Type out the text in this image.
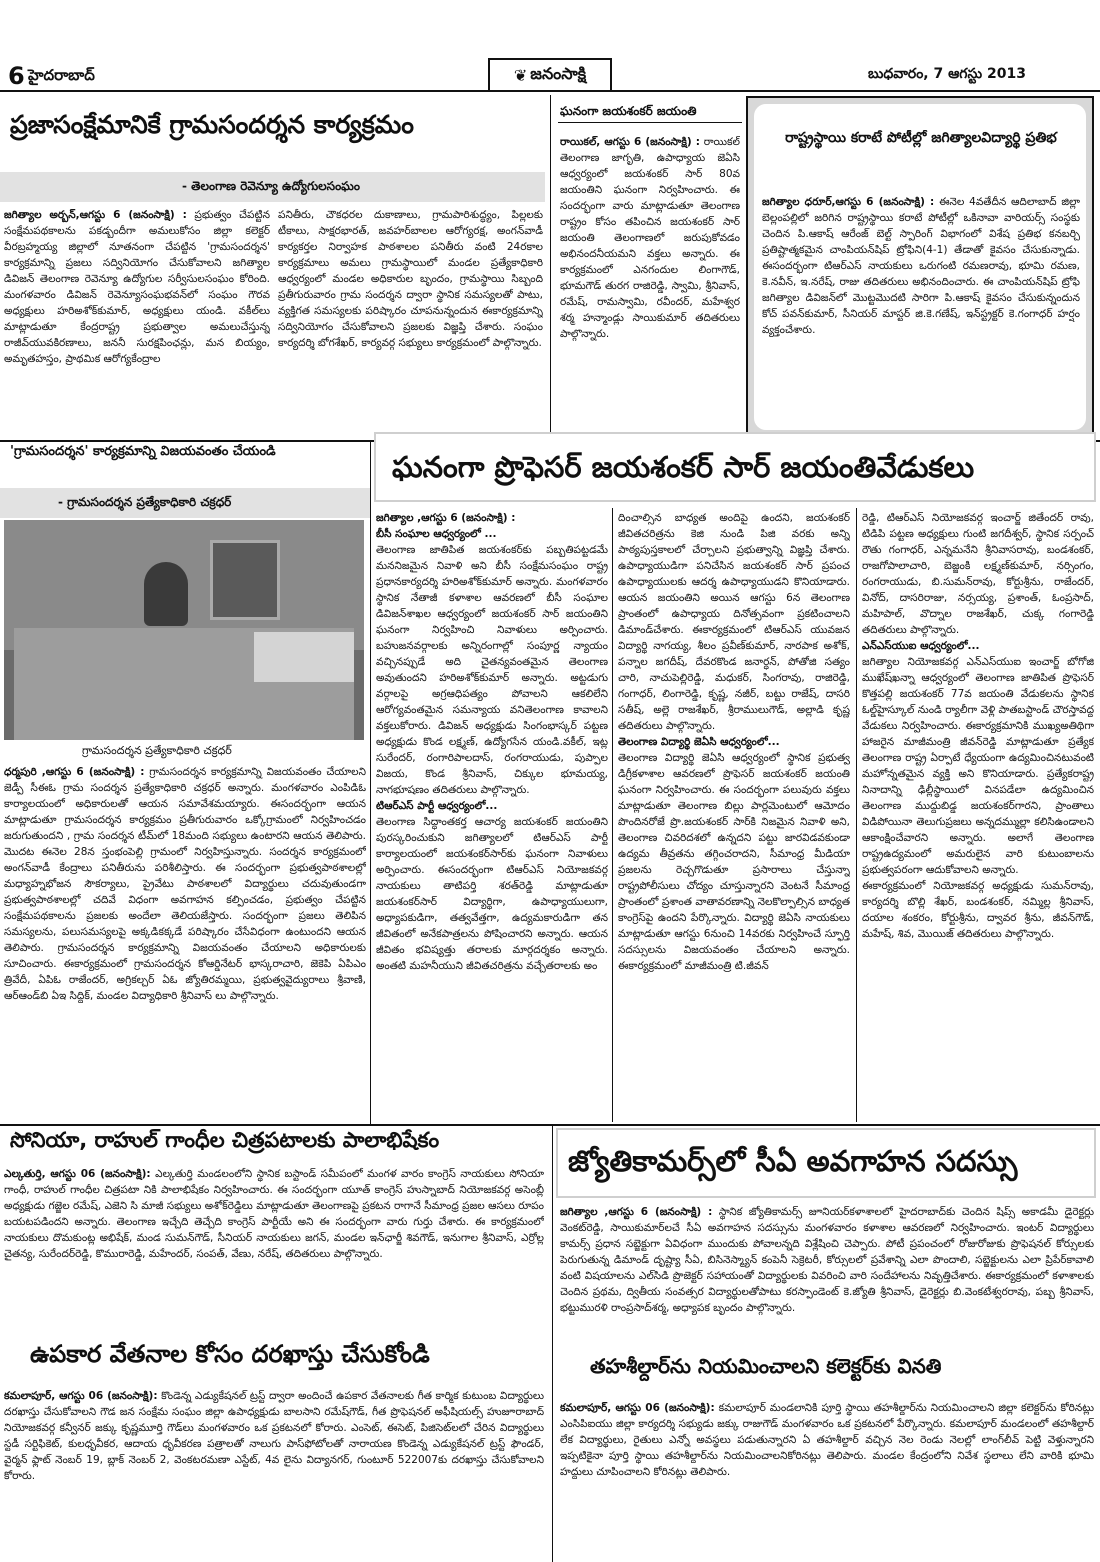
6 హైదరాబాద్	❦ జనంసాక్షి	బుధవారం, 7 ఆగస్టు 2013
ప్రజాసంక్షేమానికే గ్రామసందర్శన కార్యక్రమం
- తెలంగాణ రెవెన్యూ ఉద్యోగులసంఘం
జగిత్యాల అర్బన్,ఆగస్టు 6 (జనంసాక్షి) : ప్రభుత్వం చేపట్టిన సంక్షేమపథకాలను పకడ్బందీగా అమలుకోసం జిల్లా కలెక్టర్ వీరబ్రహ్మయ్య జిల్లాలో నూతనంగా చేపట్టిన 'గ్రామసందర్శన' కార్యక్రమాన్ని ప్రజలు సద్వినియోగం చేసుకోవాలని జగిత్యాల డివిజన్ తెలంగాణ రెవెన్యూ ఉద్యోగుల సర్వీసులసంఘం కోరింది. మంగళవారం డివిజన్ రెవెన్యూసంఘభవన్‌లో సంఘం గౌరవ అధ్యక్షులు హరిఅశోక్‌కుమార్, అధ్యక్షులు యండి. వకీల్‌లు మాట్లాడుతూ కేంద్రరాష్ట్ర ప్రభుత్వాల అమలుచేస్తున్న రాజీవ్‌యువకిరణాలు, జననీ సురక్షపింఛన్లు, మన బియ్యం, అమృతహస్తం, ప్రాథమిక ఆరోగ్యకేంద్రాల
పనితీరు, చౌకధరల దుకాణాలు, గ్రామపారిశుద్ధ్యం, పిల్లలకు టీకాలు, సాక్షరభారత్, జవహర్‌బాలల ఆరోగ్యరక్ష, అంగన్‌వాడీ కార్యకర్తల నిర్వాహక పాఠశాలల పనితీరు వంటి 24రకాల కార్యక్రమాలు అమలు గ్రామస్థాయిలో మండల ప్రత్యేకాధికారి ఆధ్వర్యంలో మండల అధికారుల బృందం, గ్రామస్థాయి సిబ్బంది ప్రతీగురువారం గ్రామ సందర్శన ద్వారా స్థానిక సమస్యలతో పాటు, వ్యక్తిగత సమస్యలకు పరిష్కారం చూపనున్నందున ఈకార్యక్రమాన్ని సద్వినియోగం చేసుకోవాలని ప్రజలకు విజ్ఞప్తి చేశారు. సంఘం కార్యదర్శి బోగశేఖర్, కార్యవర్గ సభ్యులు కార్యక్రమంలో పాల్గొన్నారు.
ఘనంగా జయశంకర్ జయంతి
రాయికల్, ఆగస్టు 6 (జనంసాక్షి) : రాయికల్ తెలంగాణ జాగృతి, ఉపాధ్యాయ జెఏసి ఆధ్వర్యంలో జయశంకర్ సార్ 80వ జయంతిని ఘనంగా నిర్వహించారు. ఈ సందర్భంగా వారు మాట్లాడుతూ తెలంగాణ రాష్ట్రం కోసం తపించిన జయశంకర్ సార్ జయంతి తెలంగాణలో జరుపుకోవడం అభినందనీయమని వక్తలు అన్నారు. ఈ కార్యక్రమంలో ఎనగందుల లింగాగౌడ్, భూమగౌడ్ తురగ రాజిరెడ్డి, స్వామి, శ్రీనివాస్, రమేష్, రామస్వామి, రవీందర్, మహేశ్వర శర్మ హన్మాండ్లు సాయికుమార్ తదితరులు పాల్గొన్నారు.
రాష్ట్రస్థాయి కరాటే పోటీల్లో జగిత్యాలవిద్యార్థి ప్రతిభ
జగిత్యాల ధరూర్,ఆగస్టు 6 (జనంసాక్షి) : ఈనెల 4వతేదీన ఆదిలాబాద్ జిల్లా బెల్లంపల్లిలో జరిగిన రాష్ట్రస్థాయి కరాటే పోటీల్లో ఒకినావా వారియర్స్ సంస్థకు చెందిన పి.ఆకాష్ ఆరేంజ్ బెల్ట్ స్పారింగ్ విభాగంలో విశేష ప్రతిభ కనబర్చి ప్రతిష్టాత్మకమైన చాంపియన్‌షిప్ ట్రోఫిని(4-1) తేడాతో కైవసం చేసుకున్నాడు. ఈసందర్భంగా టిఆర్‌ఎస్ నాయకులు ఒరుగంటి రమణరావు, భూమి రమణ, కె.నవీన్, ఇ.నరేష్, రాజు తదితరులు అభినందించారు. ఈ చాంపియన్‌షిప్ ట్రోఫి జగిత్యాల డివిజన్‌లో మొట్టమొదటి సారిగా పి.ఆకాష్ కైవసం చేసుకున్నందున కోచ్ పవన్‌కుమార్, సీనియర్ మాస్టర్ జి.కె.గణేష్, ఇన్‌స్ట్రక్టర్ కె.గంగాధర్ హర్షం వ్యక్తంచేశారు.
'గ్రామసందర్శన' కార్యక్రమాన్ని విజయవంతం చేయండి
- గ్రామసందర్శన ప్రత్యేకాధికారి చక్రధర్
గ్రామసందర్శన ప్రత్యేకాధికారి చక్రధర్
ధర్మపురి ,ఆగస్టు 6 (జనంసాక్షి) : గ్రామసందర్శన కార్యక్రమాన్ని విజయవంతం చేయాలని జెడ్పీ సీఈఓ గ్రామ సందర్శన ప్రత్యేకాధికారి చక్రధర్ అన్నారు. మంగళవారం ఎంపిడిఓ కార్యాలయంలో అధికారులతో ఆయన సమావేశమయ్యారు. ఈసందర్భంగా ఆయన మాట్లాడుతూ గ్రామసందర్శన కార్యక్రమం ప్రతీగురువారం ఒక్కోగ్రామంలో నిర్వహించడం జరుగుతుందని , గ్రామ సందర్శన టీమ్‌లో 18మంది సభ్యులు ఉంటారని ఆయన తెలిపారు. మొదట ఈనెల 28న స్తంభంపెల్లి గ్రామంలో నిర్వహిస్తున్నారు. సందర్శన కార్యక్రమంలో అంగన్‌వాడీ కేంద్రాలు పనితీరును పరిశీలిస్తారు. ఈ సందర్భంగా ప్రభుత్వపాఠశాలల్లో మధ్యాహ్నభోజన సౌకర్యాలు, ప్రైవేటు పాఠశాలలో విద్యార్థులు చదువుతుండగా ప్రభుత్వపాఠశాలల్లో చదివే విధంగా అవగాహన కల్పించడం, ప్రభుత్వం చేపట్టిన సంక్షేమపథకాలను ప్రజలకు అందేలా తెలియజేస్తారు. సందర్భంగా ప్రజలు తెలిపిన సమస్యలను, పలుసమస్యలపై అక్కడికక్కడే పరిష్కారం చేసేవిధంగా ఉంటుందని ఆయన తెలిపారు. గ్రామసందర్శన కార్యక్రమాన్ని విజయవంతం చేయాలని అధికారులకు సూచించారు. ఈకార్యక్రమంలో గ్రామసందర్శన కోఆర్డినేటర్ భాస్కరాచారి, జెకెపి ఏపిఎం త్రివేదీ, ఏపిఓ రాజేందర్, అగ్రికల్చర్ ఏఓ జ్యోతిరమ్మయి, ప్రభుత్వవైద్యురాలు శ్రీవాణి, ఆర్‌ఆండ్‌బి ఏఇ సిద్దిక్, మండల విద్యాధికారి శ్రీనివాస్ లు పాల్గొన్నారు.
ఘనంగా ప్రొఫెసర్ జయశంకర్ సార్ జయంతివేడుకలు
జగిత్యాల ,ఆగస్టు 6 (జనంసాక్షి) :
బీసీ సంఘాల ఆధ్వర్యంలో ...
తెలంగాణ జాతిపిత జయశంకర్‌కు పబ్బతిపట్టడమే మననిజమైన నివాళి అని బీసీ సంక్షేమసంఘం రాష్ట్ర ప్రధానకార్యదర్శి హరిఅశోక్‌కుమార్ అన్నారు. మంగళవారం స్థానిక నేతాజీ కళాశాల ఆవరణలో బీసీ సంఘాల డివిజన్‌శాఖల ఆధ్వర్యంలో జయశంకర్ సార్ జయంతిని ఘనంగా నిర్వహించి నివాళులు అర్పించారు. బహుజనవర్గాలకు అన్నిరంగాల్లో సంపూర్ణ న్యాయం వచ్చినప్పుడే అది చైతన్యవంతమైన తెలంగాణ అవుతుందని హరిఅశోక్‌కుమార్ అన్నారు. అట్టడుగు వర్గాలపై అగ్రఆధిపత్యం పోవాలని ఆకలిలేని ఆరోగ్యవంతమైన సమన్యాయ వనితెలంగాణ కావాలని వక్తలుకోరారు. డివిజన్ అధ్యక్షుడు సింగంభాస్కర్ పట్టణ అధ్యక్షుడు కొండ లక్ష్మణ్, ఉద్యోగసేన యండి.వకీల్, ఇట్ల సురేందర్, రంగారిపాలదాస్, రంగరాయుడు, పుప్పాల విజయ, కొండ శ్రీనివాస్, చిక్కుల భూమయ్య, నాగభూషణం తదితరులు పాల్గొన్నారు.
టిఆర్‌ఎస్ పార్టీ ఆధ్వర్యంలో...
తెలంగాణ సిద్ధాంతకర్త ఆచార్య జయశంకర్ జయంతిని పురస్కరించుకుని జగిత్యాలలో టిఆర్‌ఎస్ పార్టీ కార్యాలయంలో జయశంకర్‌సార్‌కు ఘనంగా నివాళులు అర్పించారు. ఈసందర్భంగా టిఆర్‌ఎస్ నియోజకవర్గ నాయకులు తాటిపర్తి శరత్‌రెడ్డి మాట్లాడుతూ జయశంకర్‌సార్ విద్యార్థిగా, ఉపాధ్యాయులుగా, అధ్యాపకుడిగా, తత్వవేత్తగా, ఉద్యమకారుడిగా తన జీవితంలో అనేకపాత్రలను పోషించారని అన్నారు. ఆయన జీవితం భవిష్యత్తు తరాలకు మార్గదర్శకం అన్నారు. అంతటి మహనీయుని జీవితచరిత్రను వచ్చేతరాలకు అం
దించాల్సిన బాధ్యత అందిపై ఉందని, జయశంకర్ జీవితచరిత్రను కెజి నుండి పిజి వరకు అన్ని పాఠ్యపుస్తకాలలో చేర్చాలని ప్రభుత్వాన్ని విజ్ఞప్తి చేశారు. ఉపాధ్యాయుడిగా పనిచేసిన జయశంకర్ సార్ ప్రపంచ ఉపాధ్యాయులకు ఆదర్శ ఉపాధ్యాయుడని కొనియాడారు. ఆయన జయంతిని అయిన ఆగస్టు 6న తెలంగాణ ప్రాంతంలో ఉపాధ్యాయ దినోత్సవంగా ప్రకటించాలని డిమాండ్‌చేశారు. ఈకార్యక్రమంలో టిఆర్‌ఎస్ యువజన విద్యార్థి నాగయ్య, శీలం ప్రవీణ్‌కుమార్, నారపాక అశోక్, పన్నాల జగదీష్, దేవరకొండ జనార్ధన్, పోతోజి సత్యం చారి, నాచుపెల్లిరెడ్డి, మధుకర్, సింగరావు, రాజిరెడ్డి, గంగాధర్, లింగారెడ్డి, కృష్ణ, నజీర్, బట్టు రాజేష్, దాసరి సతీష్, అల్లె రాజశేఖర్, శ్రీరాములుగౌడ్, అల్లాడి కృష్ణ తదితరులు పాల్గొన్నారు.
తెలంగాణ విద్యార్థి జెఏసి ఆధ్వర్యంలో...
తెలంగాణ విద్యార్థి జెఏసి ఆధ్వర్యంలో స్థానిక ప్రభుత్వ డిగ్రీకళాశాల ఆవరణలో ప్రొఫెసర్ జయశంకర్ జయంతి ఘనంగా నిర్వహించారు. ఈ సందర్భంగా పలువురు వక్తలు మాట్లాడుతూ తెలంగాణ బిల్లు పార్లమెంటులో ఆమోదం పొందినరోజే ప్రొ.జయశంకర్ సార్‌కి నిజమైన నివాళి అని, తెలంగాణ చివరిదశలో ఉన్నదని పట్టు జారవిడవకుండా ఉద్యమ తీవ్రతను తగ్గించరాదని, సీమాంధ్ర మీడియా ప్రజలను రెచ్చగొడుతూ ప్రసారాలు చేస్తున్నా రాష్ట్రపోలీసులు చోద్యం చూస్తున్నారని వెంటనే సీమాంధ్ర ప్రాంతంలో ప్రశాంత వాతావరణాన్ని నెలకొల్పాల్సిన బాధ్యత కాంగ్రెస్‌పై ఉందని పేర్కొన్నారు. విద్యార్థి జెఏసి నాయకులు మాట్లాడుతూ ఆగస్టు 6నుంచి 14వరకు నిర్వహించే స్ఫూర్తి సదస్సులను విజయవంతం చేయాలని అన్నారు. ఈకార్యక్రమంలో మాజీమంత్రి టి.జీవన్
రెడ్డి, టిఆర్‌ఎస్ నియోజకవర్గ ఇంచార్జ్ జితేందర్ రావు, టిడిపి పట్టణ అధ్యక్షులు గుంటి జగదీశ్వర్, స్థానిక సర్పంచ్ రౌతు గంగాధర్, ఎన్నమనేని శ్రీనివాసరావు, బండశంకర్, రాజగోపాలాచారి, బెజ్జంకి లక్ష్మణ్‌కుమార్, నర్సింగం, రంగరాయుడు, బి.సుమన్‌రావు, కోర్టుశ్రీను, రాజేందర్, వినోద్, దాసరిరాజు, నర్సయ్య, ప్రశాంత్, ఓంప్రసాద్, మహిపాల్, వొద్నాల రాజశేఖర్, చుక్క గంగారెడ్డి తదితరులు పాల్గొన్నారు.
ఎన్‌ఎస్‌యుఐ ఆధ్వర్యంలో...
జగిత్యాల నియోజకవర్గ ఎన్‌ఎస్‌యుఐ ఇంచార్జ్ బోగోజి ముఖేష్‌ఖన్నా ఆధ్వర్యంలో తెలంగాణ జాతిపిత ప్రొఫెసర్ కొత్తపల్లి జయశంకర్ 77వ జయంతి వేడుకలను స్థానిక ఓల్డ్‌హైస్కూల్ నుండి ర్యాలీగా వెళ్లి పాతబస్టాండ్ చౌరస్తావద్ద వేడుకలు నిర్వహించారు. ఈకార్యక్రమానికి ముఖ్యఅతిథిగా హాజరైన మాజీమంత్రి జీవన్‌రెడ్డి మాట్లాడుతూ ప్రత్యేక తెలంగాణ రాష్ట్ర ఏర్పాటే ధ్యేయంగా ఉద్యమించినటువంటి మహోన్నతమైన వ్యక్తి అని కొనియాడారు. ప్రత్యేకరాష్ట్ర నినాదాన్ని ఢిల్లీస్థాయిలో వినపడేలా ఉద్యమించిన తెలంగాణ ముద్దుబిడ్డ జయశంకర్‌గారని, ప్రాంతాలు విడిపోయినా తెలుగుప్రజలు అన్నదమ్ముల్లా కలిసిఉండాలని ఆకాంక్షించేవారని అన్నారు. అలాగే తెలంగాణ రాష్ట్రఉద్యమంలో అమరులైన వారి కుటుంబాలను ప్రభుత్వపరంగా ఆదుకోవాలని అన్నారు.
ఈకార్యక్రమంలో నియోజకవర్గ అధ్యక్షుడు సుమన్‌రావు, కార్యదర్శి బొల్లి శేఖర్, బండశంకర్, నమ్మిల్ల శ్రీనివాస్, దయాల శంకరం, కోర్టుశ్రీను, ద్వావర శ్రీను, జీవన్‌గౌడ్, మహేష్, శివ, మొయిజ్ తదితరులు పాల్గొన్నారు.
సోనియా, రాహుల్ గాంధీల చిత్రపటాలకు పాలాభిషేకం
ఎల్కతుర్తి, ఆగస్టు 06 (జనంసాక్షి): ఎల్కతుర్తి మండలంలోని స్థానిక బస్టాండ్ సమీపంలో మంగళ వారం కాంగ్రెస్ నాయకులు సోనియా గాంధీ, రాహుల్ గాంధీల చిత్రపటా నికి పాలాభిషేకం నిర్వహించారు. ఈ సందర్భంగా యూత్ కాంగ్రెస్ హుస్నాబాద్ నియోజకవర్గ అసెంబ్లీ అధ్యక్షుడు గజ్జెల రమేష్, ఎజెని సి మాజీ సభ్యులు అశోక్‌రెడ్డిలు మాట్లాడుతూ తెలంగాణపై ప్రకటన రాగానే సీమాంధ్ర ప్రజల ఆసలు రూపం బయటపడిందని అన్నారు. తెలంగాణ ఇచ్చేది తెచ్చేది కాంగ్రెస్ పార్టీయే అని ఈ సందర్భంగా వారు గుర్తు చేశారు. ఈ కార్యక్రమంలో నాయకులు దొమకుంట్ల అభిషేక్, మండ సుమన్‌గౌడ్, సీనియర్ నాయకులు జగన్, మండల ఇన్‌ఛార్జీ శివగౌడ్, ఇనుగాల శ్రీనివాస్, ఎర్రోల్ల చైతన్య, సురేందర్‌రెడ్డి, కొమురారెడ్డి, మహేందర్, సంపత్, వేణు, నరేష్, తదితరులు పాల్గొన్నారు.
ఉపకార వేతనాల కోసం దరఖాస్తు చేసుకోండి
కమలాపూర్, ఆగస్టు 06 (జనంసాక్షి): కొండెన్న ఎడ్యుకేషనల్ ట్రస్ట్ ద్వారా అందించే ఉపకార వేతనాలకు గీత కార్మిక కుటుంబ విద్యార్థులు దరఖాస్తు చేసుకోవాలని గౌడ జన సంక్షేమ సంఘం జిల్లా ఉపాధ్యక్షుడు బాలసాని రమేష్‌గౌడ్, గీత ప్రొఫెషనల్ అఫీషియల్స్ హుజూరాబాద్ నియోజకవర్గ కన్వీనర్ జక్కు కృష్ణమూర్తి గౌడ్‌లు మంగళవారం ఒక ప్రకటనలో కోరారు. ఎంసెట్, ఈసెట్, పిజిసెట్‌లలో చేరిన విద్యార్థులు స్టడీ సర్టిఫికెట్, కులధృవీకర, ఆదాయ ధృవీకరణ పత్రాలతో నాలుగు పాస్‌ఫోటోలతో నారాయణ కొండెన్న ఎడ్యుకేషనల్ ట్రస్ట్ ఫౌండర్, వైర్మన్ ఫ్లాట్ నెంబర్ 19, బ్లాక్ నెంబర్ 2, వెంకటరమణా ఎస్టేట్, 4వ లైను విద్యానగర్, గుంటూర్ 522007కు దరఖాస్తు చేసుకోవాలని కోరారు.
జ్యోతికామర్స్‌లో సీఏ అవగాహన సదస్సు
జగిత్యాల ,ఆగస్టు 6 (జనంసాక్షి) : స్థానిక జ్యోతికామర్స్ జూనియర్‌కళాశాలలో హైదరాబాద్‌కు చెందిన షిప్స్ అకాడమీ డైరెక్టర్లు వెంకట్‌రెడ్డి, సాయికుమార్‌లచే సీఏ అవగాహన సదస్సును మంగళవారం కళాశాల ఆవరణలో నిర్వహించారు. ఇంటర్ విద్యార్థులు కామర్స్ ప్రధాన సబ్జెక్టుగా ఏవిధంగా ముందుకు పోవాలన్నది విశ్లేషించి చెప్పారు. పోటీ ప్రపంచంలో రోజురోజుకు ప్రొఫెషనల్ కోర్సులకు పెరుగుతున్న డిమాండ్ దృష్ట్యా సీఏ, బిసినెస్మ్యాన్ కంపెనీ సెక్రెటరీ, కోర్సులలో ప్రవేశాన్ని ఎలా పొందాలి, సబ్జెక్టులను ఎలా ప్రిపేర్‌కావాలి వంటి విషయాలను ఎల్‌సిడి ప్రొజెక్టర్ సహాయంతో విద్యార్థులకు వివరించి వారి సందేహాలను నివృత్తిచేశారు. ఈకార్యక్రమంలో కళాశాలకు చెందిన ప్రథమ, ద్వితీయ సంవత్సర విద్యార్థులతోపాటు కరస్పాండెంట్ కె.జ్యోతి శ్రీనివాస్, డైరెక్టర్లు బి.వెంకటేశ్వరరావు, పబ్బ శ్రీనివాస్, భట్టుమురళి రాంప్రసాద్‌శర్మ, అధ్యాపక బృందం పాల్గొన్నారు.
తహశీల్దార్‌ను నియమించాలని కలెక్టర్‌కు వినతి
కమలాపూర్, ఆగస్టు 06 (జనంసాక్షి): కమలాపూర్ మండలానికి పూర్తి స్థాయి తహశీల్దార్‌ను నియమించాలని జిల్లా కలెక్టర్‌ను కోరినట్లు ఎంసిపిఐయు జిల్లా కార్యదర్శి సభ్యుడు జక్కు రాజుగౌడ్ మంగళవారం ఒక ప్రకటనలో పేర్కొన్నారు. కమలాపూర్ మండలంలో తహశీల్దార్ లేక విద్యార్థులు, రైతులు ఎన్నో అవస్థలు పడుతున్నారని ఏ తహశీల్దార్ వచ్చిన నెల రెండు నెలల్లో లాంగ్‌లీవ్ పెట్టి వెళ్తున్నారని ఇప్పటికైనా పూర్తి స్థాయి తహశీల్దార్‌ను నియమించాలనికోరినట్లు తెలిపారు. మండల కేంద్రంలోని నివేశ స్థలాలు లేని వారికి భూమి హద్దులు చూపించాలని కోరినట్లు తెలిపారు.
